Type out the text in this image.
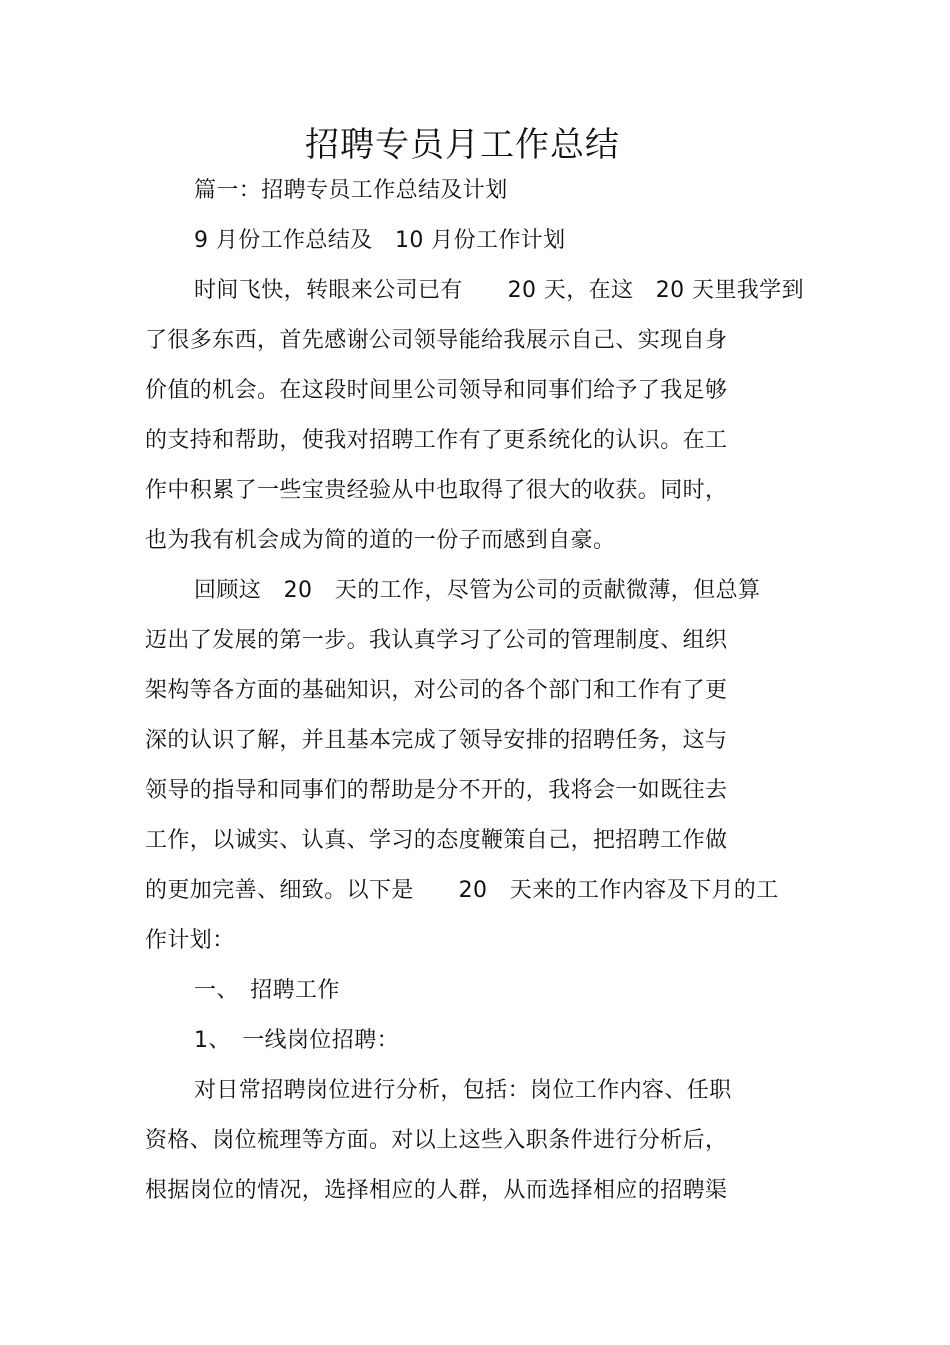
招聘专员月工作总结
篇一：招聘专员工作总结及计划
9 月份工作总结及　10 月份工作计划
时间飞快，转眼来公司已有　　20 天，在这　20 天里我学到
了很多东西，首先感谢公司领导能给我展示自己、实现自身
价值的机会。在这段时间里公司领导和同事们给予了我足够
的支持和帮助，使我对招聘工作有了更系统化的认识。在工
作中积累了一些宝贵经验从中也取得了很大的收获。同时，
也为我有机会成为简的道的一份子而感到自豪。
回顾这　20　天的工作，尽管为公司的贡献微薄，但总算
迈出了发展的第一步。我认真学习了公司的管理制度、组织
架构等各方面的基础知识，对公司的各个部门和工作有了更
深的认识了解，并且基本完成了领导安排的招聘任务，这与
领导的指导和同事们的帮助是分不开的，我将会一如既往去
工作，以诚实、认真、学习的态度鞭策自己，把招聘工作做
的更加完善、细致。以下是　　20　天来的工作内容及下月的工
作计划：
一、　招聘工作
1、　一线岗位招聘：
对日常招聘岗位进行分析，包括：岗位工作内容、任职
资格、岗位梳理等方面。对以上这些入职条件进行分析后，
根据岗位的情况，选择相应的人群，从而选择相应的招聘渠
